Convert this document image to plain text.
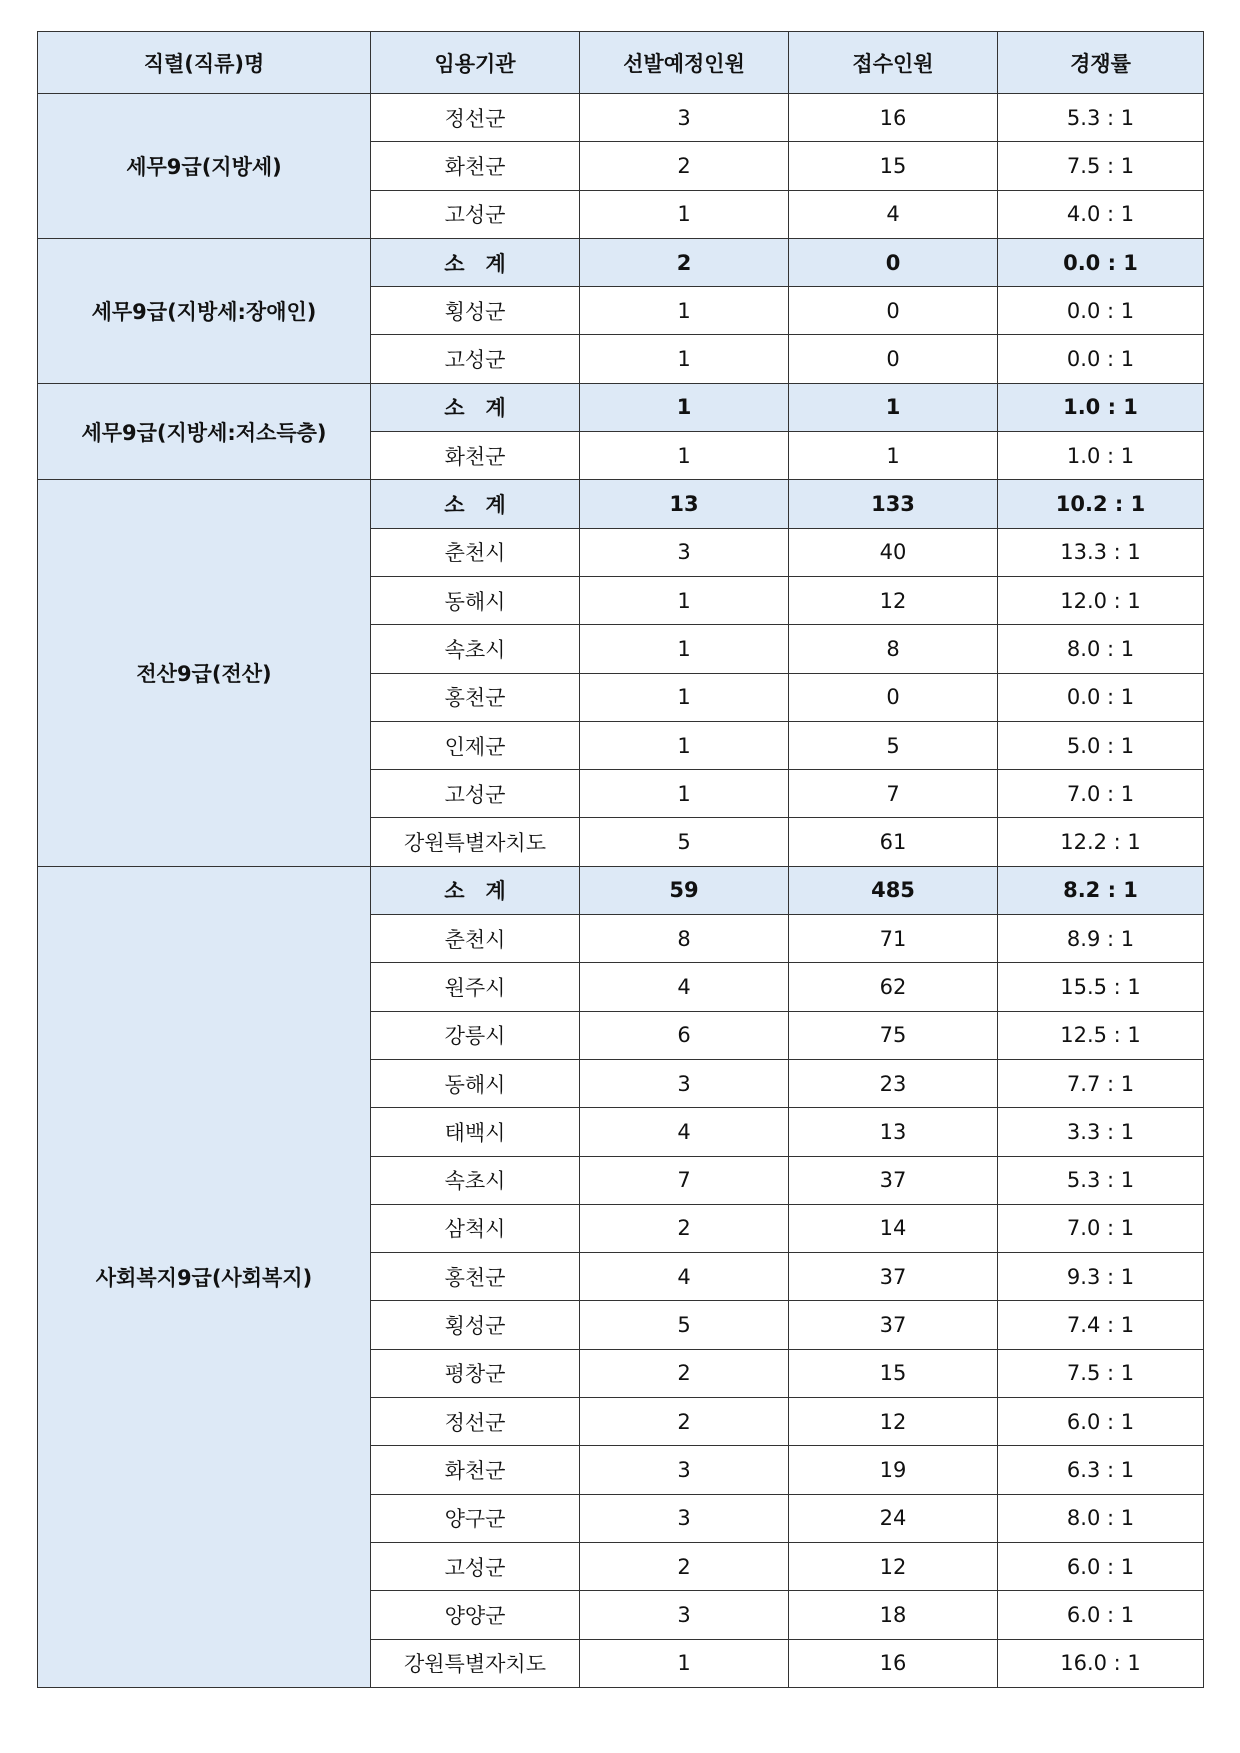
직렬(직류)명	임용기관	선발예정인원	접수인원	경쟁률
세무9급(지방세)	정선군	3	16	5.3 : 1
	화천군	2	15	7.5 : 1
	고성군	1	4	4.0 : 1
세무9급(지방세:장애인)	소　계	2	0	0.0 : 1
	횡성군	1	0	0.0 : 1
	고성군	1	0	0.0 : 1
세무9급(지방세:저소득층)	소　계	1	1	1.0 : 1
	화천군	1	1	1.0 : 1
전산9급(전산)	소　계	13	133	10.2 : 1
	춘천시	3	40	13.3 : 1
	동해시	1	12	12.0 : 1
	속초시	1	8	8.0 : 1
	홍천군	1	0	0.0 : 1
	인제군	1	5	5.0 : 1
	고성군	1	7	7.0 : 1
	강원특별자치도	5	61	12.2 : 1
사회복지9급(사회복지)	소　계	59	485	8.2 : 1
	춘천시	8	71	8.9 : 1
	원주시	4	62	15.5 : 1
	강릉시	6	75	12.5 : 1
	동해시	3	23	7.7 : 1
	태백시	4	13	3.3 : 1
	속초시	7	37	5.3 : 1
	삼척시	2	14	7.0 : 1
	홍천군	4	37	9.3 : 1
	횡성군	5	37	7.4 : 1
	평창군	2	15	7.5 : 1
	정선군	2	12	6.0 : 1
	화천군	3	19	6.3 : 1
	양구군	3	24	8.0 : 1
	고성군	2	12	6.0 : 1
	양양군	3	18	6.0 : 1
	강원특별자치도	1	16	16.0 : 1
